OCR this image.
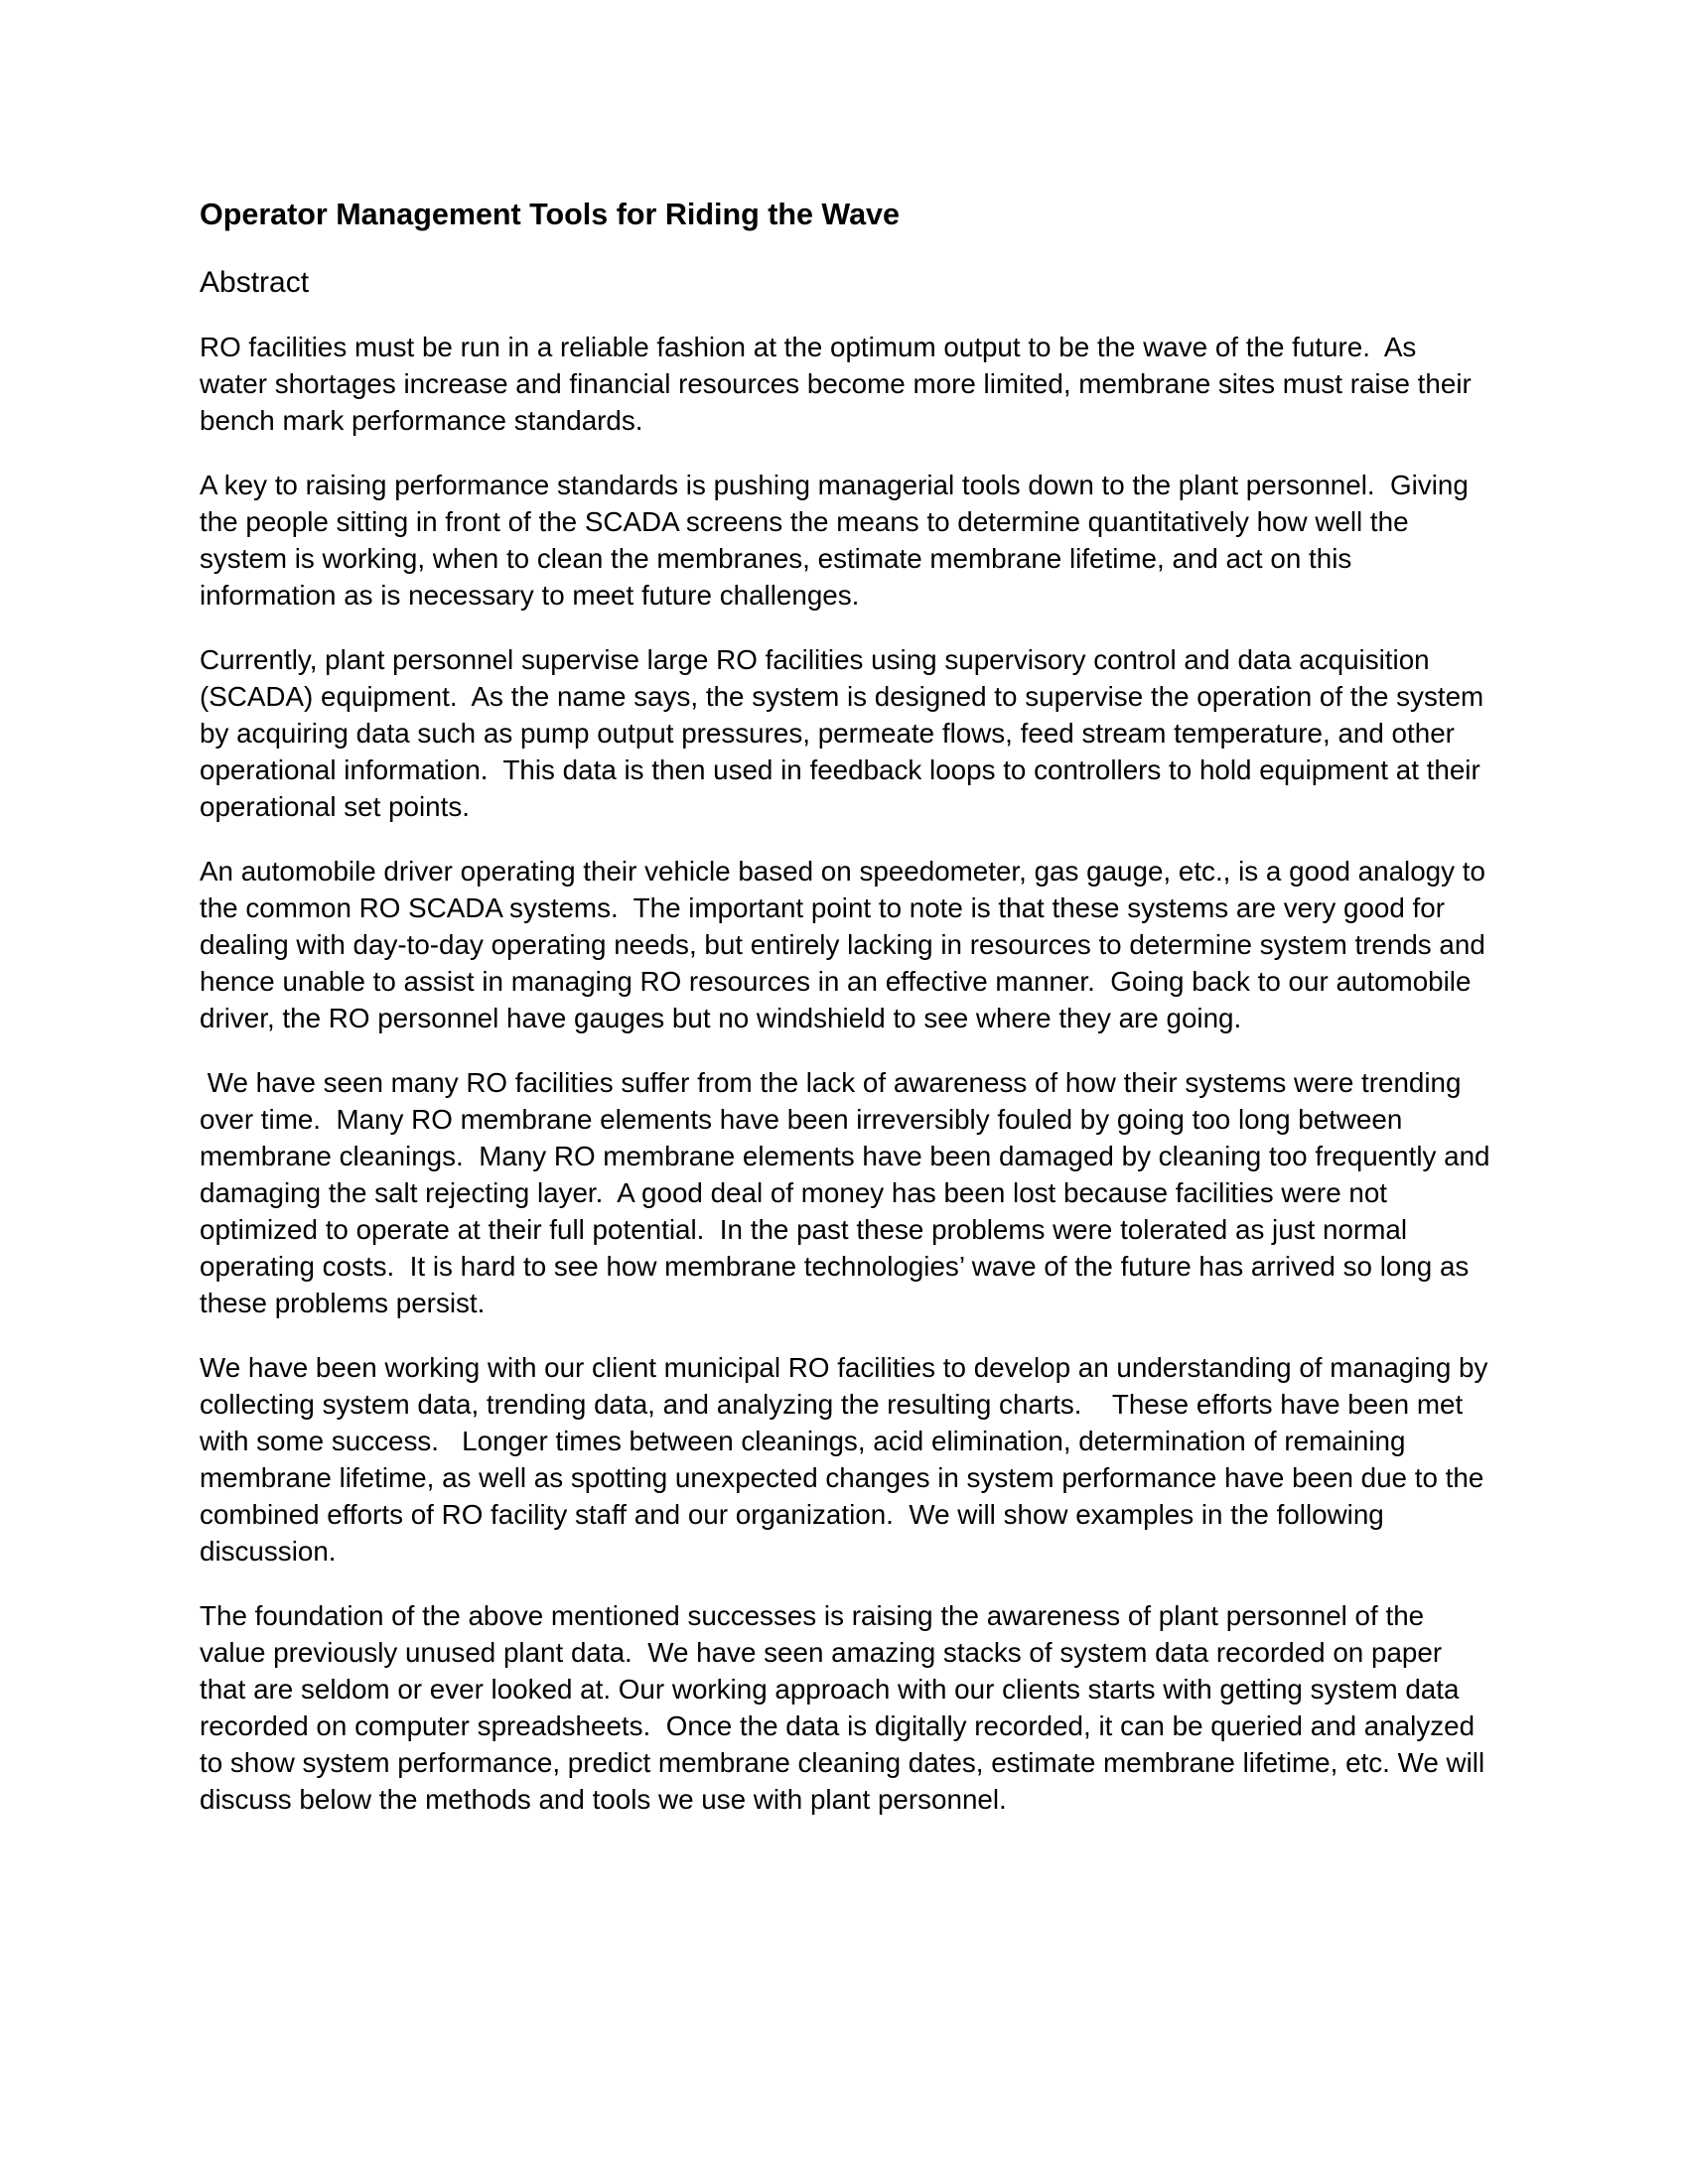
Operator Management Tools for Riding the Wave
Abstract

RO facilities must be run in a reliable fashion at the optimum output to be the wave of the future.  As
water shortages increase and financial resources become more limited, membrane sites must raise their
bench mark performance standards.

A key to raising performance standards is pushing managerial tools down to the plant personnel.  Giving
the people sitting in front of the SCADA screens the means to determine quantitatively how well the
system is working, when to clean the membranes, estimate membrane lifetime, and act on this
information as is necessary to meet future challenges.

Currently, plant personnel supervise large RO facilities using supervisory control and data acquisition
(SCADA) equipment.  As the name says, the system is designed to supervise the operation of the system
by acquiring data such as pump output pressures, permeate flows, feed stream temperature, and other
operational information.  This data is then used in feedback loops to controllers to hold equipment at their
operational set points.

An automobile driver operating their vehicle based on speedometer, gas gauge, etc., is a good analogy to
the common RO SCADA systems.  The important point to note is that these systems are very good for
dealing with day-to-day operating needs, but entirely lacking in resources to determine system trends and
hence unable to assist in managing RO resources in an effective manner.  Going back to our automobile
driver, the RO personnel have gauges but no windshield to see where they are going.

We have seen many RO facilities suffer from the lack of awareness of how their systems were trending
over time.  Many RO membrane elements have been irreversibly fouled by going too long between
membrane cleanings.  Many RO membrane elements have been damaged by cleaning too frequently and
damaging the salt rejecting layer.  A good deal of money has been lost because facilities were not
optimized to operate at their full potential.  In the past these problems were tolerated as just normal
operating costs.  It is hard to see how membrane technologies’ wave of the future has arrived so long as
these problems persist.

We have been working with our client municipal RO facilities to develop an understanding of managing by
collecting system data, trending data, and analyzing the resulting charts.    These efforts have been met
with some success.   Longer times between cleanings, acid elimination, determination of remaining
membrane lifetime, as well as spotting unexpected changes in system performance have been due to the
combined efforts of RO facility staff and our organization.  We will show examples in the following
discussion.

The foundation of the above mentioned successes is raising the awareness of plant personnel of the
value previously unused plant data.  We have seen amazing stacks of system data recorded on paper
that are seldom or ever looked at. Our working approach with our clients starts with getting system data
recorded on computer spreadsheets.  Once the data is digitally recorded, it can be queried and analyzed
to show system performance, predict membrane cleaning dates, estimate membrane lifetime, etc. We will
discuss below the methods and tools we use with plant personnel.
